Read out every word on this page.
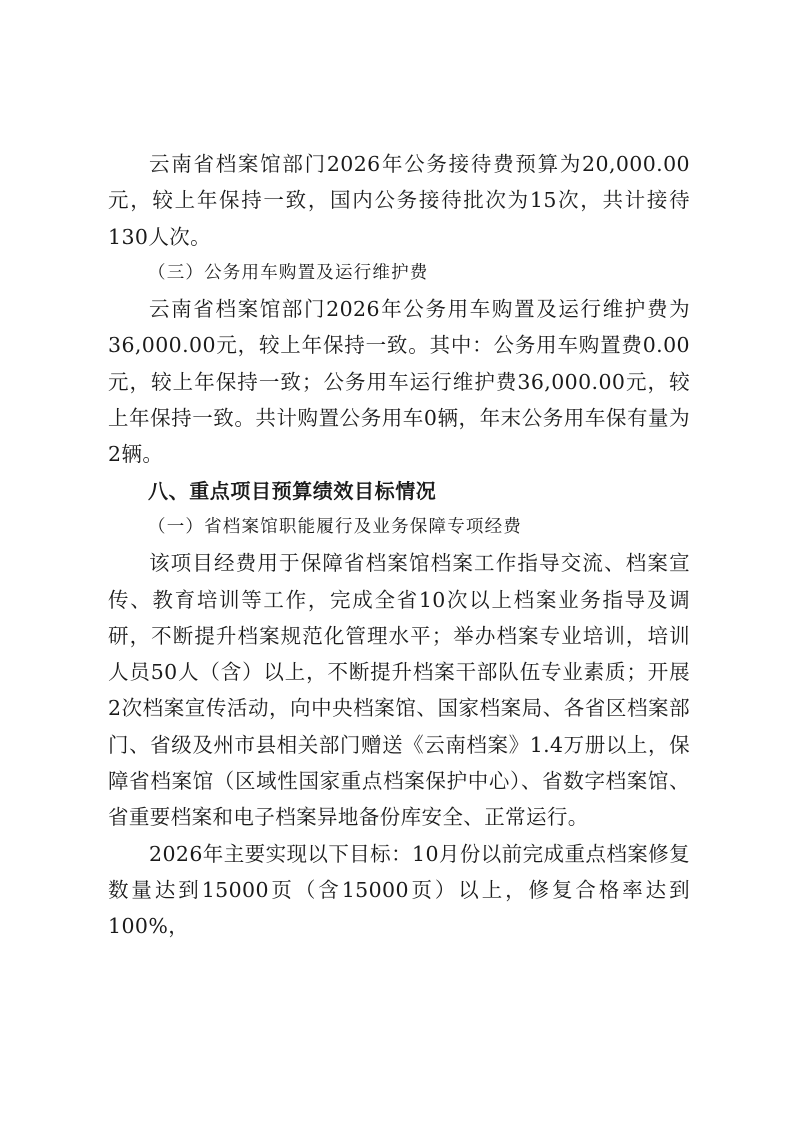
云南省档案馆部门2026年公务接待费预算为20,000.00元，较上年保持一致，国内公务接待批次为15次，共计接待130人次。

（三）公务用车购置及运行维护费

云南省档案馆部门2026年公务用车购置及运行维护费为36,000.00元，较上年保持一致。其中：公务用车购置费0.00元，较上年保持一致；公务用车运行维护费36,000.00元，较上年保持一致。共计购置公务用车0辆，年末公务用车保有量为2辆。

八、重点项目预算绩效目标情况

（一）省档案馆职能履行及业务保障专项经费

该项目经费用于保障省档案馆档案工作指导交流、档案宣传、教育培训等工作，完成全省10次以上档案业务指导及调研，不断提升档案规范化管理水平；举办档案专业培训，培训人员50人（含）以上，不断提升档案干部队伍专业素质；开展2次档案宣传活动，向中央档案馆、国家档案局、各省区档案部门、省级及州市县相关部门赠送《云南档案》1.4万册以上，保障省档案馆（区域性国家重点档案保护中心）、省数字档案馆、省重要档案和电子档案异地备份库安全、正常运行。

2026年主要实现以下目标：10月份以前完成重点档案修复数量达到15000页（含15000页）以上，修复合格率达到100%，
